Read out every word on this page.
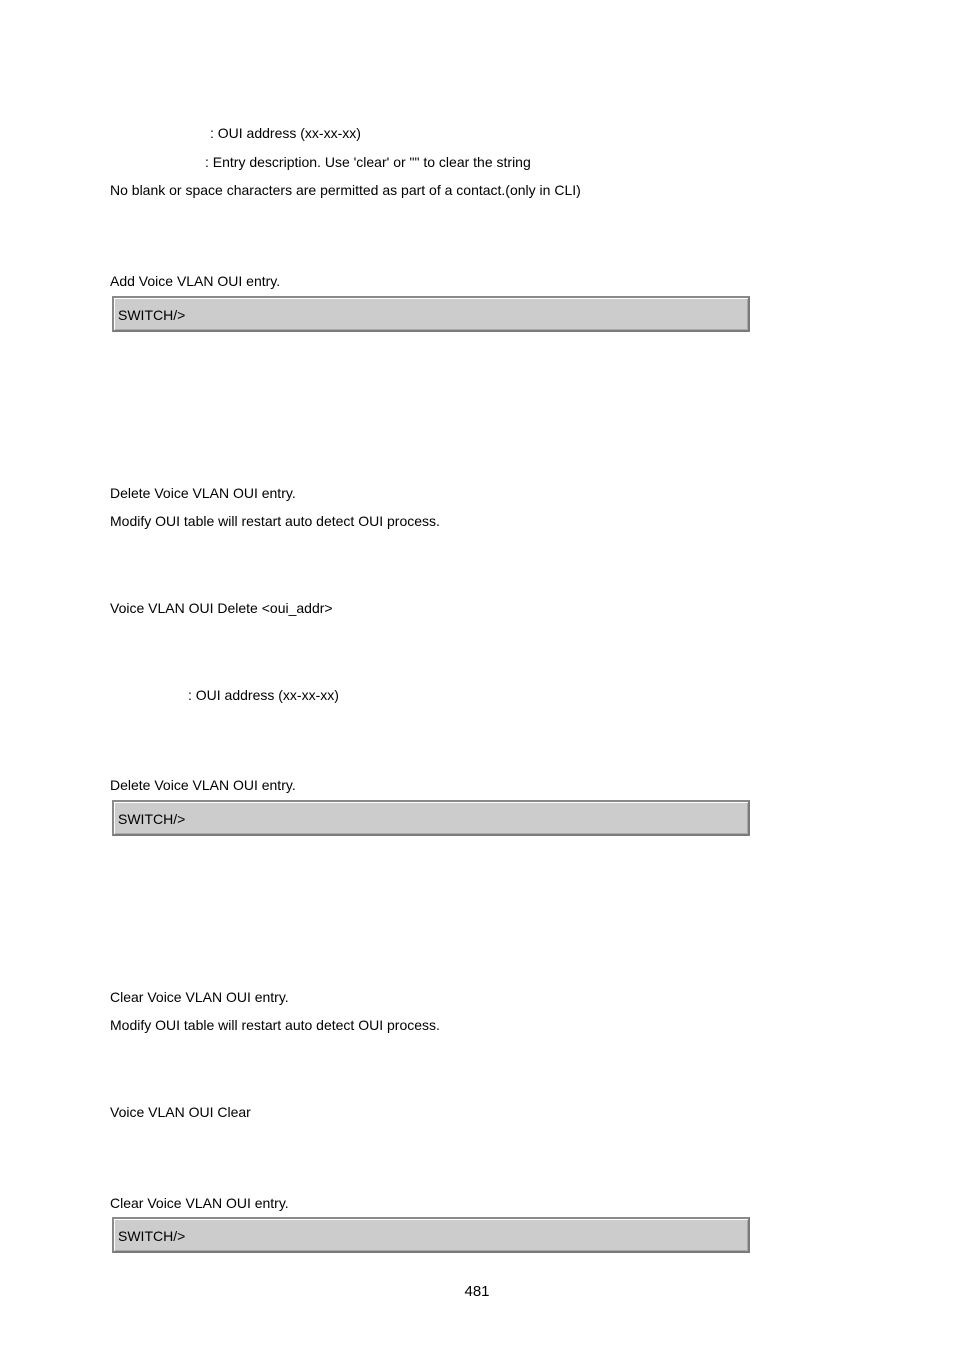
: OUI address (xx-xx-xx)
: Entry description. Use 'clear' or "" to clear the string
No blank or space characters are permitted as part of a contact.(only in CLI)
Add Voice VLAN OUI entry.
SWITCH/>
Delete Voice VLAN OUI entry.
Modify OUI table will restart auto detect OUI process.
Voice VLAN OUI Delete <oui_addr>
: OUI address (xx-xx-xx)
Delete Voice VLAN OUI entry.
SWITCH/>
Clear Voice VLAN OUI entry.
Modify OUI table will restart auto detect OUI process.
Voice VLAN OUI Clear
Clear Voice VLAN OUI entry.
SWITCH/>
481
